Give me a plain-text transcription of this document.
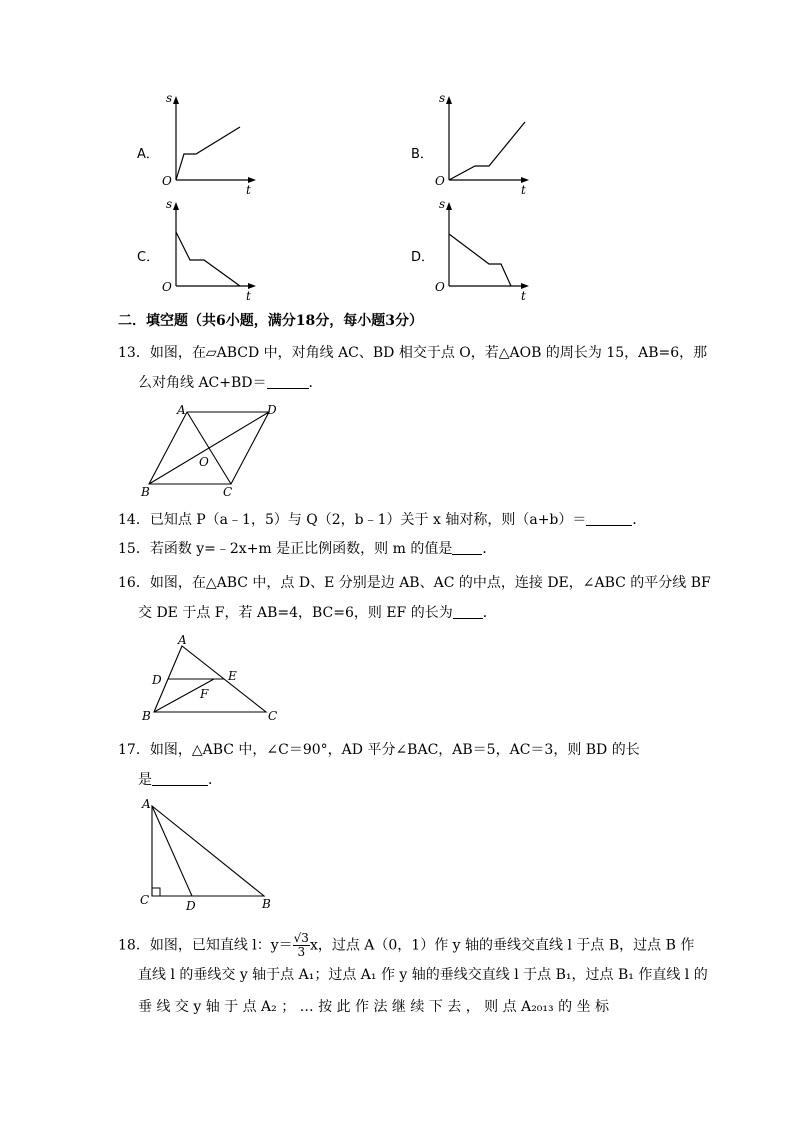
A．
s
t
O
B．
s
t
O
C．
s
t
O
D．
s
t
O
二．填空题（共6小题，满分18分，每小题3分）
13．如图，在▱ABCD 中，对角线 AC、BD 相交于点 O，若△AOB 的周长为 15，AB=6，那
么对角线 AC+BD＝	．
A	D
O
B	C
14．已知点 P（a﹣1，5）与 Q（2，b﹣1）关于 x 轴对称，则（a+b）＝	．
15．若函数 y=﹣2x+m 是正比例函数，则 m 的值是 ．
16．如图，在△ABC 中，点 D、E 分别是边 AB、AC 的中点，连接 DE，∠ABC 的平分线 BF
交 DE 于点 F，若 AB=4，BC=6，则 EF 的长为 ．
A
D	E
F
B	C
17．如图，△ABC 中，∠C＝90°，AD 平分∠BAC，AB＝5，AC＝3，则 BD 的长
是	．
A
C	D	B
18．如图，已知直线 l：$y= \frac{√3}{3}$ x，过点 A（0，1）作 y 轴的垂线交直线 l 于点 B，过点 B 作
直线 l 的垂线交 y 轴于点 A₁；过点 A₁ 作 y 轴的垂线交直线 l 于点 B₁，过点 B₁ 作直线 l 的
垂 线 交 y 轴 于 点 A₂ ； … 按 此 作 法 继 续 下 去 ， 则 点 A₂₀₁₃ 的 坐 标
